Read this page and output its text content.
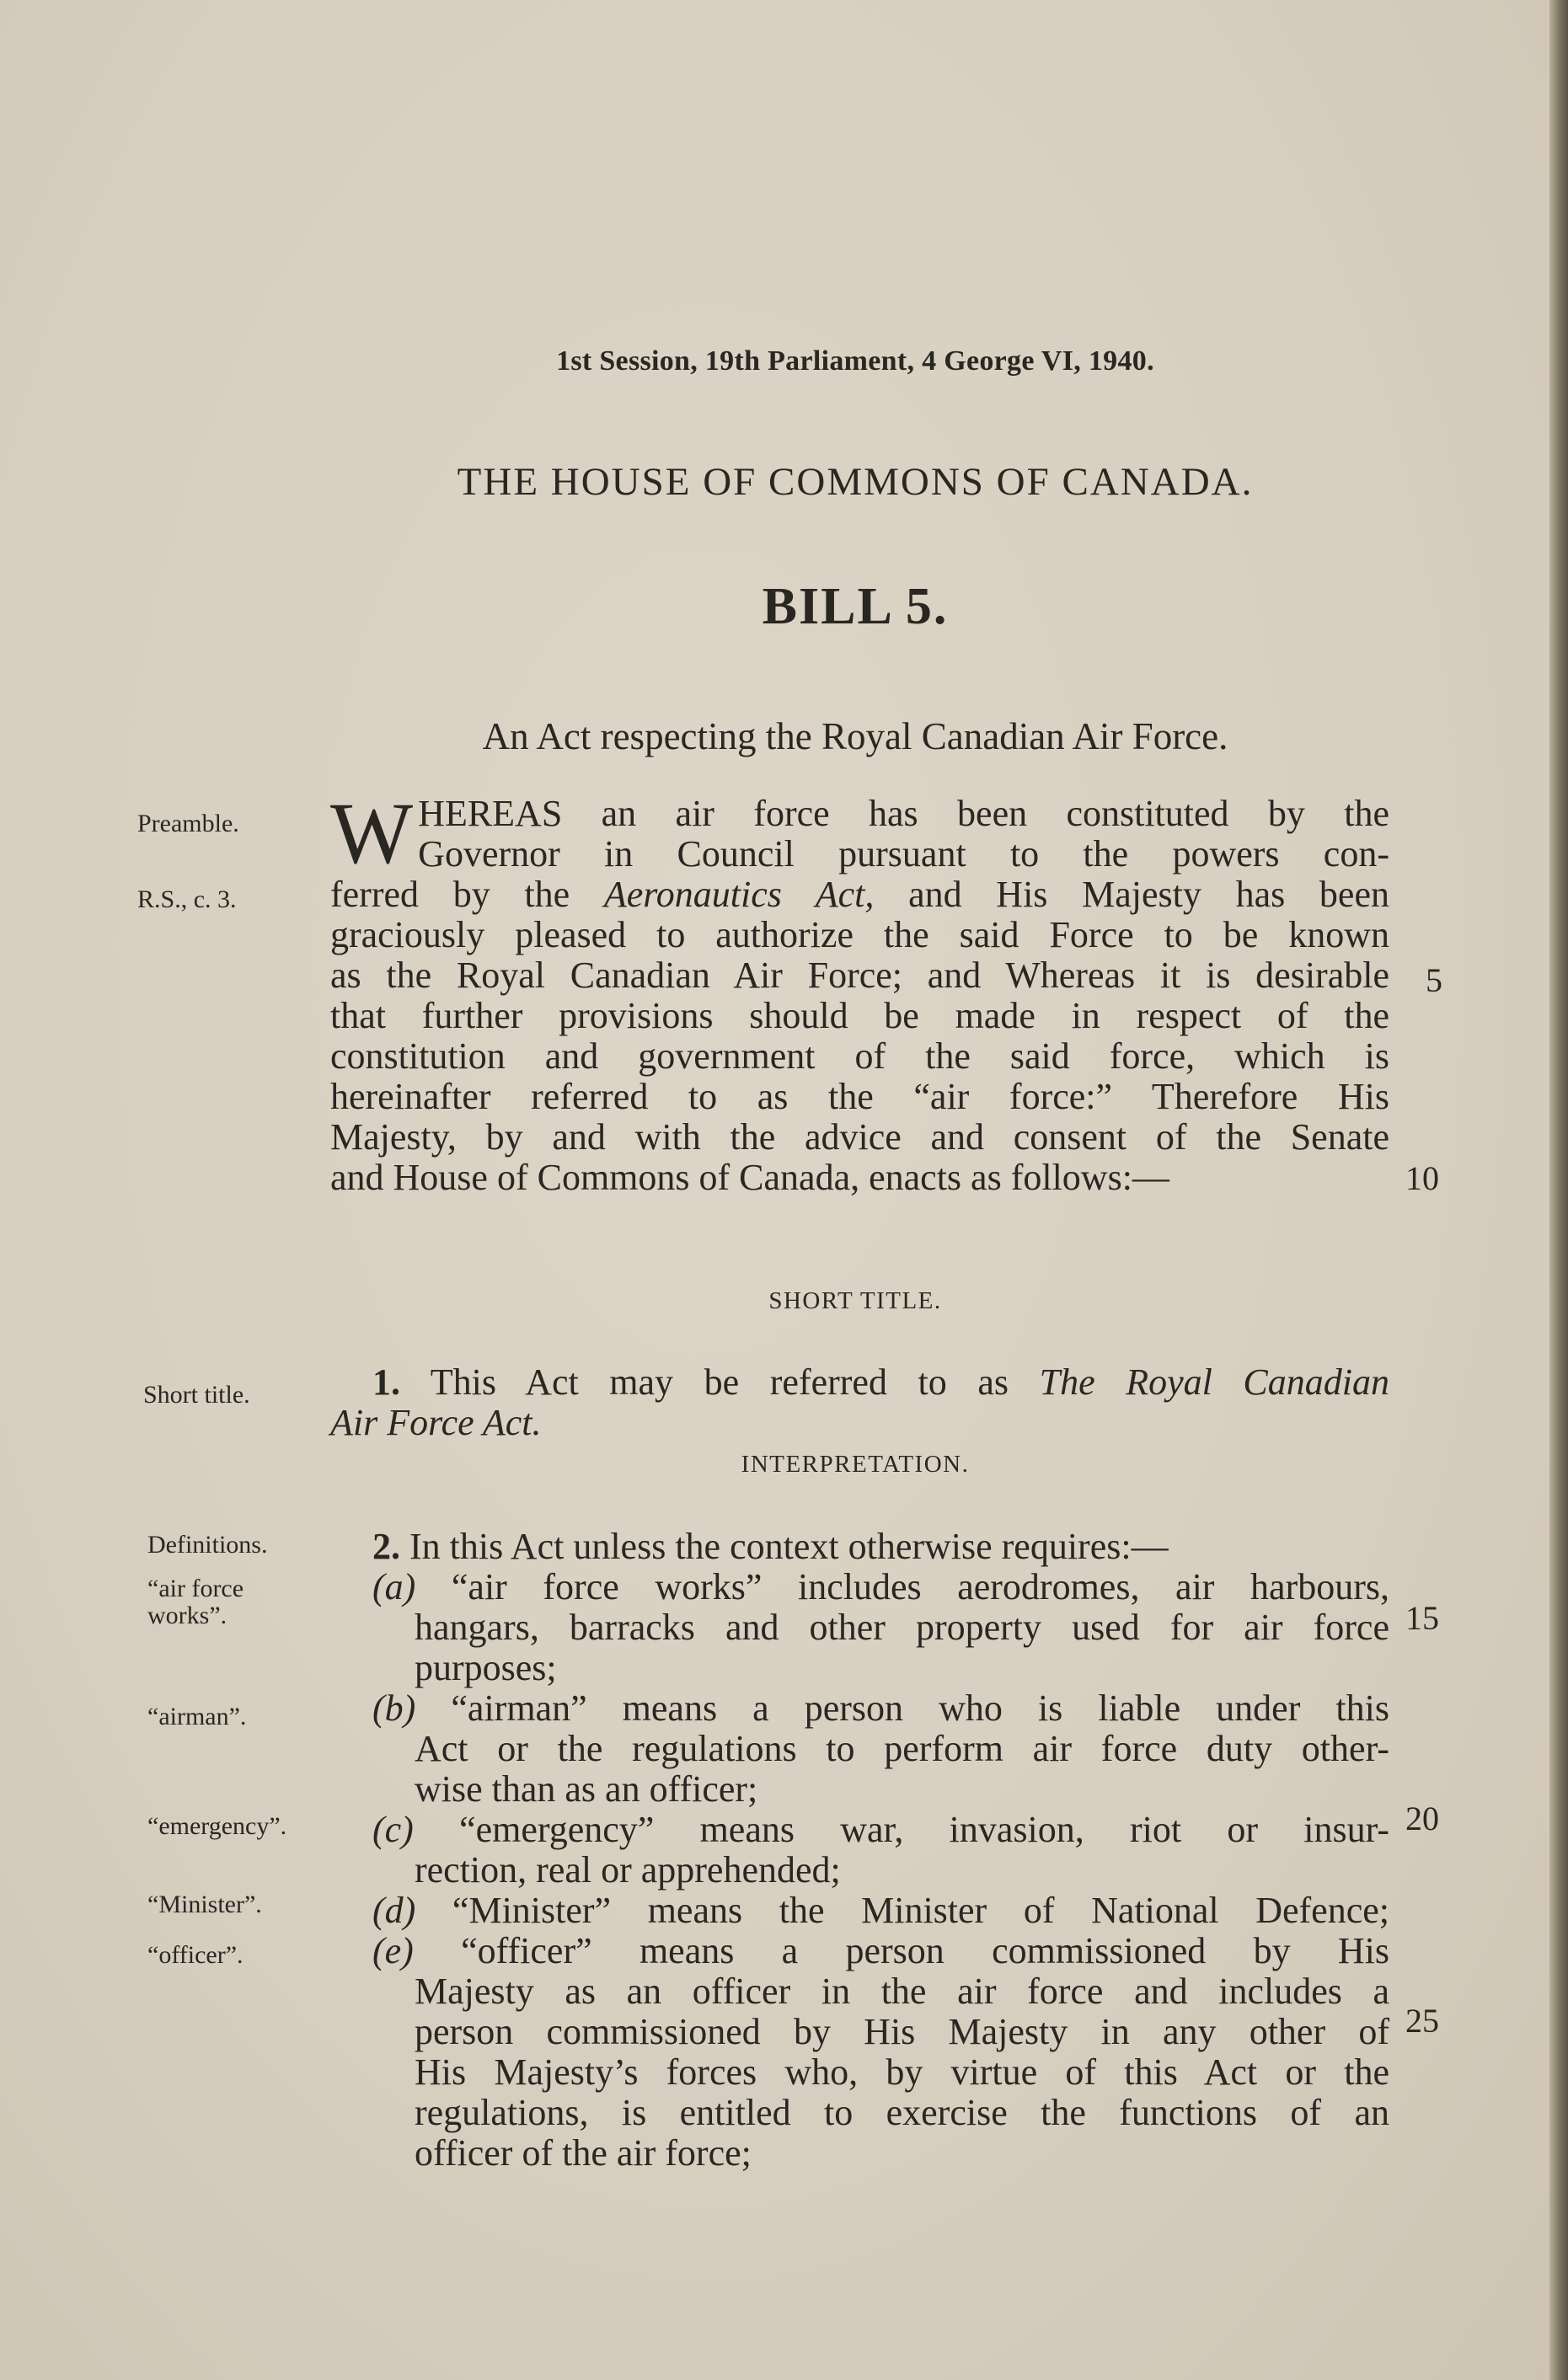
1st Session, 19th Parliament, 4 George VI, 1940.
THE HOUSE OF COMMONS OF CANADA.
BILL 5.
An Act respecting the Royal Canadian Air Force.
Preamble.
R.S., c. 3.
Short title.
Definitions.
“air force
works”.
“airman”.
“emergency”.
“Minister”.
“officer”.
W HEREAS an air force has been constituted by the
Governor in Council pursuant to the powers con-
ferred by the Aeronautics Act, and His Majesty has been
graciously pleased to authorize the said Force to be known
as the Royal Canadian Air Force; and Whereas it is desirable
that further provisions should be made in respect of the
constitution and government of the said force, which is
hereinafter referred to as the “air force:” Therefore His
Majesty, by and with the advice and consent of the Senate
and House of Commons of Canada, enacts as follows:—
SHORT TITLE.
1. This Act may be referred to as The Royal Canadian
Air Force Act.
INTERPRETATION.
2. In this Act unless the context otherwise requires:—
(a) “air force works” includes aerodromes, air harbours,
hangars, barracks and other property used for air force
purposes;
(b) “airman” means a person who is liable under this
Act or the regulations to perform air force duty other-
wise than as an officer;
(c) “emergency” means war, invasion, riot or insur-
rection, real or apprehended;
(d) “Minister” means the Minister of National Defence;
(e) “officer” means a person commissioned by His
Majesty as an officer in the air force and includes a
person commissioned by His Majesty in any other of
His Majesty’s forces who, by virtue of this Act or the
regulations, is entitled to exercise the functions of an
officer of the air force;
5
10
15
20
25
